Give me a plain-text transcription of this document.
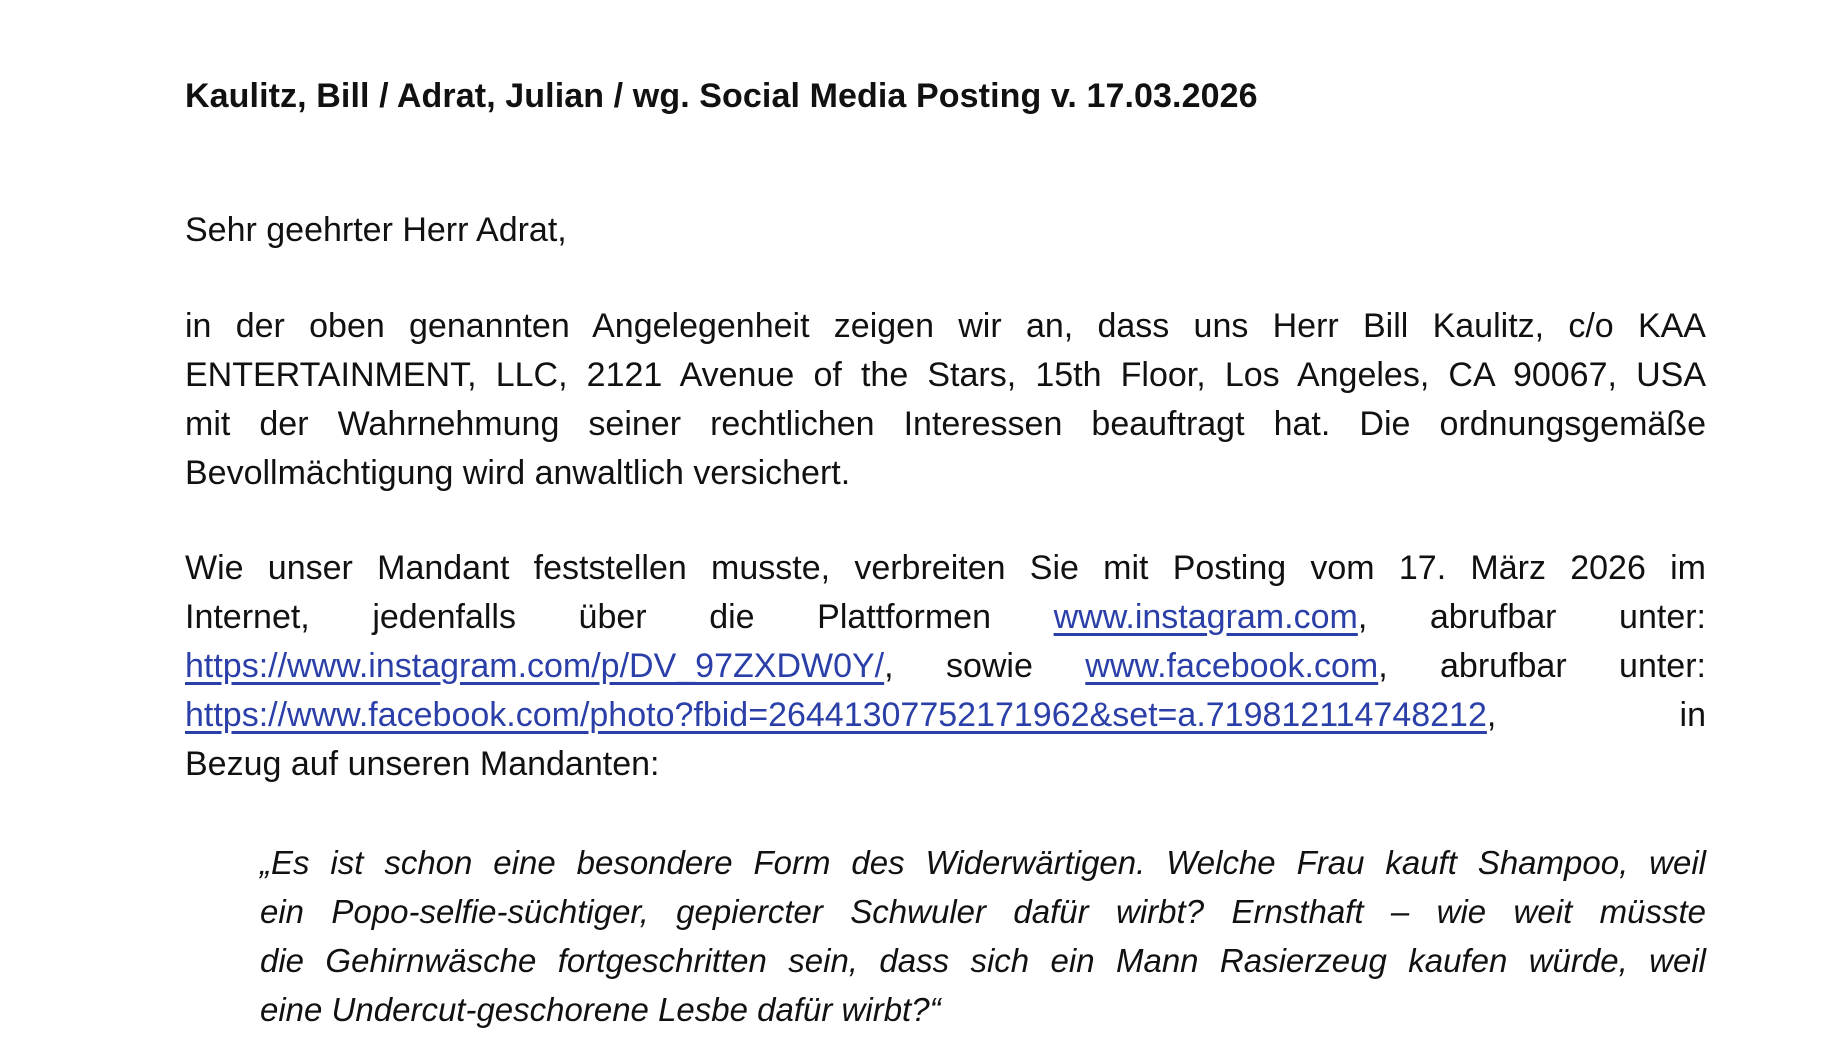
Kaulitz, Bill / Adrat, Julian / wg. Social Media Posting v. 17.03.2026
Sehr geehrter Herr Adrat,
in der oben genannten Angelegenheit zeigen wir an, dass uns Herr Bill Kaulitz, c/o KAA
ENTERTAINMENT, LLC, 2121 Avenue of the Stars, 15th Floor, Los Angeles, CA 90067, USA
mit der Wahrnehmung seiner rechtlichen Interessen beauftragt hat. Die ordnungsgemäße
Bevollmächtigung wird anwaltlich versichert.
Wie unser Mandant feststellen musste, verbreiten Sie mit Posting vom 17. März 2026 im
Internet, jedenfalls über die Plattformen www.instagram.com, abrufbar unter:
https://www.instagram.com/p/DV_97ZXDW0Y/, sowie www.facebook.com, abrufbar unter:
https://www.facebook.com/photo?fbid=26441307752171962&set=a.719812114748212, in
Bezug auf unseren Mandanten:
„Es ist schon eine besondere Form des Widerwärtigen. Welche Frau kauft Shampoo, weil
ein Popo-selfie-süchtiger, gepiercter Schwuler dafür wirbt? Ernsthaft – wie weit müsste
die Gehirnwäsche fortgeschritten sein, dass sich ein Mann Rasierzeug kaufen würde, weil
eine Undercut-geschorene Lesbe dafür wirbt?“
